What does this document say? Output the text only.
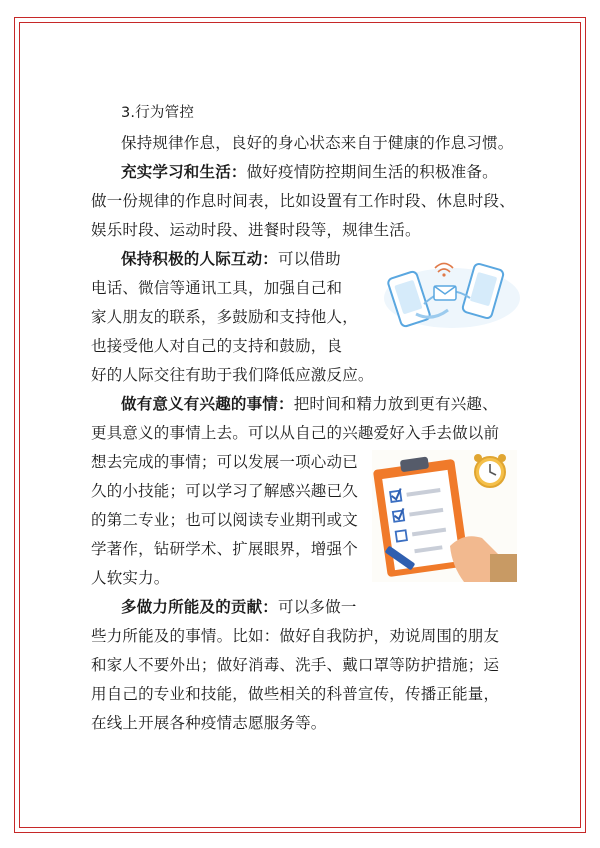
3.行为管控
保持规律作息，良好的身心状态来自于健康的作息习惯。
充实学习和生活：做好疫情防控期间生活的积极准备。
做一份规律的作息时间表，比如设置有工作时段、休息时段、
娱乐时段、运动时段、进餐时段等，规律生活。
保持积极的人际互动：可以借助
电话、微信等通讯工具，加强自己和
家人朋友的联系，多鼓励和支持他人，
也接受他人对自己的支持和鼓励，良
好的人际交往有助于我们降低应激反应。
做有意义有兴趣的事情：把时间和精力放到更有兴趣、
更具意义的事情上去。可以从自己的兴趣爱好入手去做以前
想去完成的事情；可以发展一项心动已
久的小技能；可以学习了解感兴趣已久
的第二专业；也可以阅读专业期刊或文
学著作，钻研学术、扩展眼界，增强个
人软实力。
多做力所能及的贡献：可以多做一
些力所能及的事情。比如：做好自我防护，劝说周围的朋友
和家人不要外出；做好消毒、洗手、戴口罩等防护措施；运
用自己的专业和技能，做些相关的科普宣传，传播正能量，
在线上开展各种疫情志愿服务等。
